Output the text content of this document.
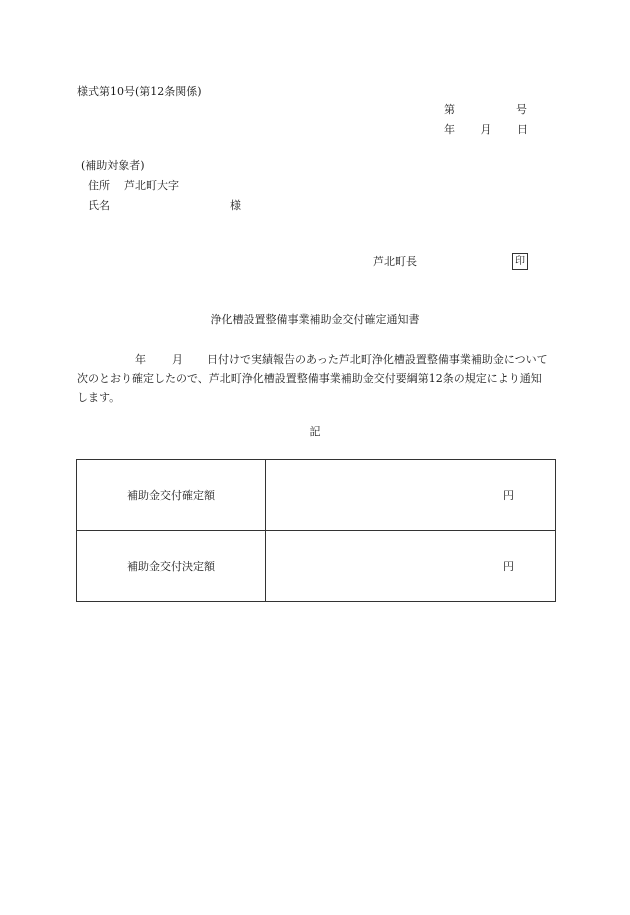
様式第10号(第12条関係)
第	号
年 月 日
(補助対象者)
住所 芦北町大字
氏名	様
芦北町長	印
浄化槽設置整備事業補助金交付確定通知書
年 月 日付けで実績報告のあった芦北町浄化槽設置整備事業補助金について次のとおり確定したので、芦北町浄化槽設置整備事業補助金交付要綱第12条の規定により通知します。
記
補助金交付確定額	円
補助金交付決定額	円
